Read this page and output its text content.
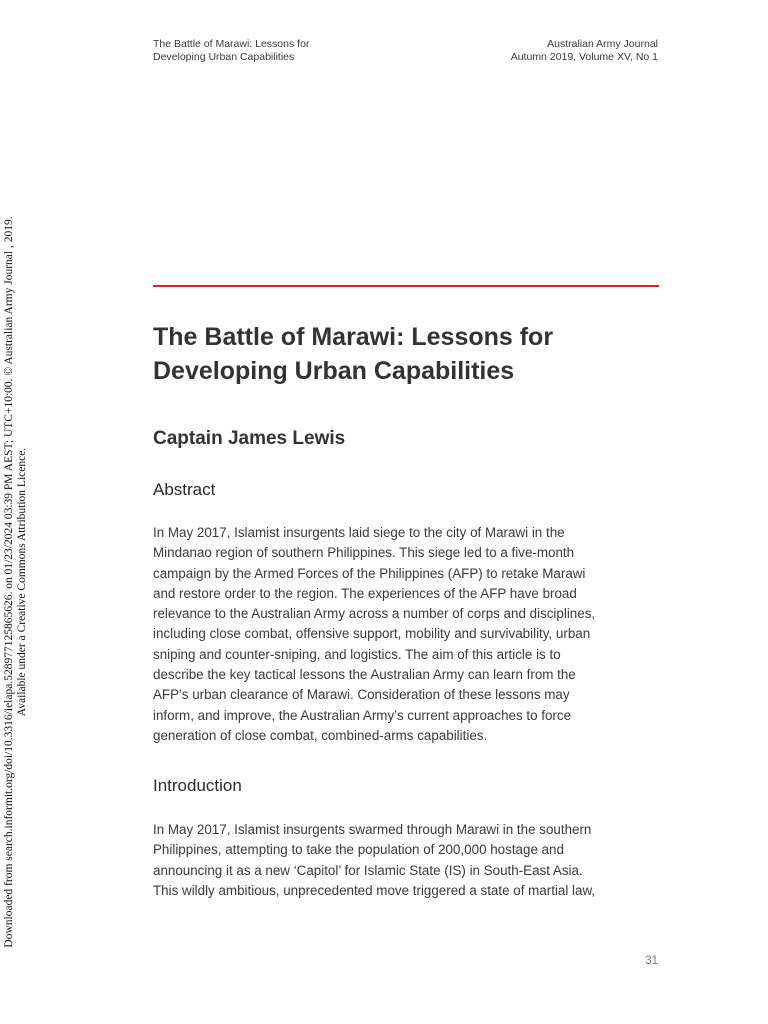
The Battle of Marawi: Lessons for
Developing Urban Capabilities
Australian Army Journal
Autumn 2019, Volume XV, No 1
Downloaded from search.informit.org/doi/10.3316/ielapa.528977125865626. on 01/23/2024 03:39 PM AEST; UTC+10:00. © Australian Army Journal , 2019. Available under a Creative Commons Attribution Licence.
The Battle of Marawi: Lessons for
Developing Urban Capabilities
Captain James Lewis
Abstract

In May 2017, Islamist insurgents laid siege to the city of Marawi in the
Mindanao region of southern Philippines. This siege led to a five-month
campaign by the Armed Forces of the Philippines (AFP) to retake Marawi
and restore order to the region. The experiences of the AFP have broad
relevance to the Australian Army across a number of corps and disciplines,
including close combat, offensive support, mobility and survivability, urban
sniping and counter-sniping, and logistics. The aim of this article is to
describe the key tactical lessons the Australian Army can learn from the
AFP’s urban clearance of Marawi. Consideration of these lessons may
inform, and improve, the Australian Army’s current approaches to force
generation of close combat, combined-arms capabilities.

Introduction

In May 2017, Islamist insurgents swarmed through Marawi in the southern
Philippines, attempting to take the population of 200,000 hostage and
announcing it as a new ‘Capitol’ for Islamic State (IS) in South-East Asia.
This wildly ambitious, unprecedented move triggered a state of martial law,

31
